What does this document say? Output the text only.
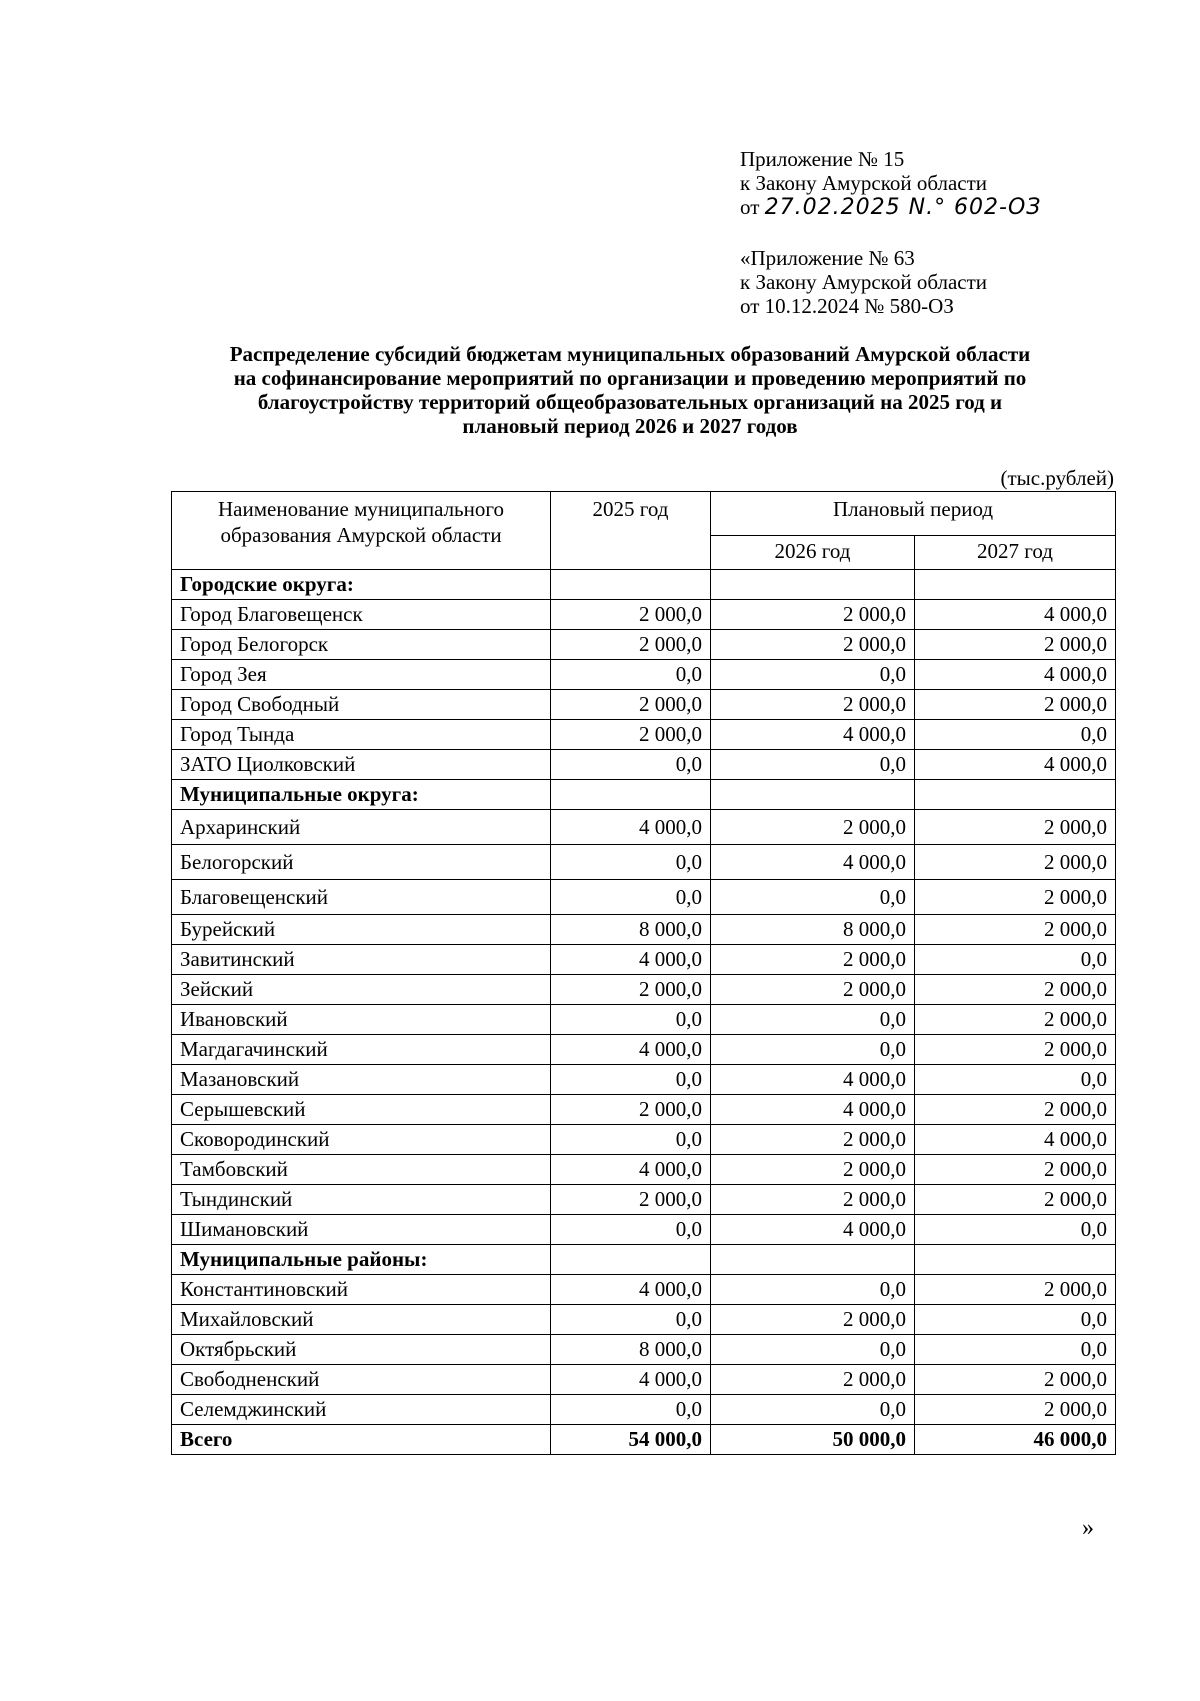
Приложение № 15
к Закону Амурской области
от 27.02.2025 N.° 602-ОЗ
«Приложение № 63
к Закону Амурской области
от 10.12.2024 № 580-ОЗ
Распределение субсидий бюджетам муниципальных образований Амурской области
на софинансирование мероприятий по организации и проведению мероприятий по
благоустройству территорий общеобразовательных организаций на 2025 год и
плановый период 2026 и 2027 годов
(тыс.рублей)
Наименование муниципального образования Амурской области	2025 год	Плановый период	
		2026 год	2027 год
Городские округа:			
Город Благовещенск	2 000,0	2 000,0	4 000,0
Город Белогорск	2 000,0	2 000,0	2 000,0
Город Зея	0,0	0,0	4 000,0
Город Свободный	2 000,0	2 000,0	2 000,0
Город Тында	2 000,0	4 000,0	0,0
ЗАТО Циолковский	0,0	0,0	4 000,0
Муниципальные округа:			
Архаринский	4 000,0	2 000,0	2 000,0
Белогорский	0,0	4 000,0	2 000,0
Благовещенский	0,0	0,0	2 000,0
Бурейский	8 000,0	8 000,0	2 000,0
Завитинский	4 000,0	2 000,0	0,0
Зейский	2 000,0	2 000,0	2 000,0
Ивановский	0,0	0,0	2 000,0
Магдагачинский	4 000,0	0,0	2 000,0
Мазановский	0,0	4 000,0	0,0
Серышевский	2 000,0	4 000,0	2 000,0
Сковородинский	0,0	2 000,0	4 000,0
Тамбовский	4 000,0	2 000,0	2 000,0
Тындинский	2 000,0	2 000,0	2 000,0
Шимановский	0,0	4 000,0	0,0
Муниципальные районы:			
Константиновский	4 000,0	0,0	2 000,0
Михайловский	0,0	2 000,0	0,0
Октябрьский	8 000,0	0,0	0,0
Свободненский	4 000,0	2 000,0	2 000,0
Селемджинский	0,0	0,0	2 000,0
Всего	54 000,0	50 000,0	46 000,0
»
